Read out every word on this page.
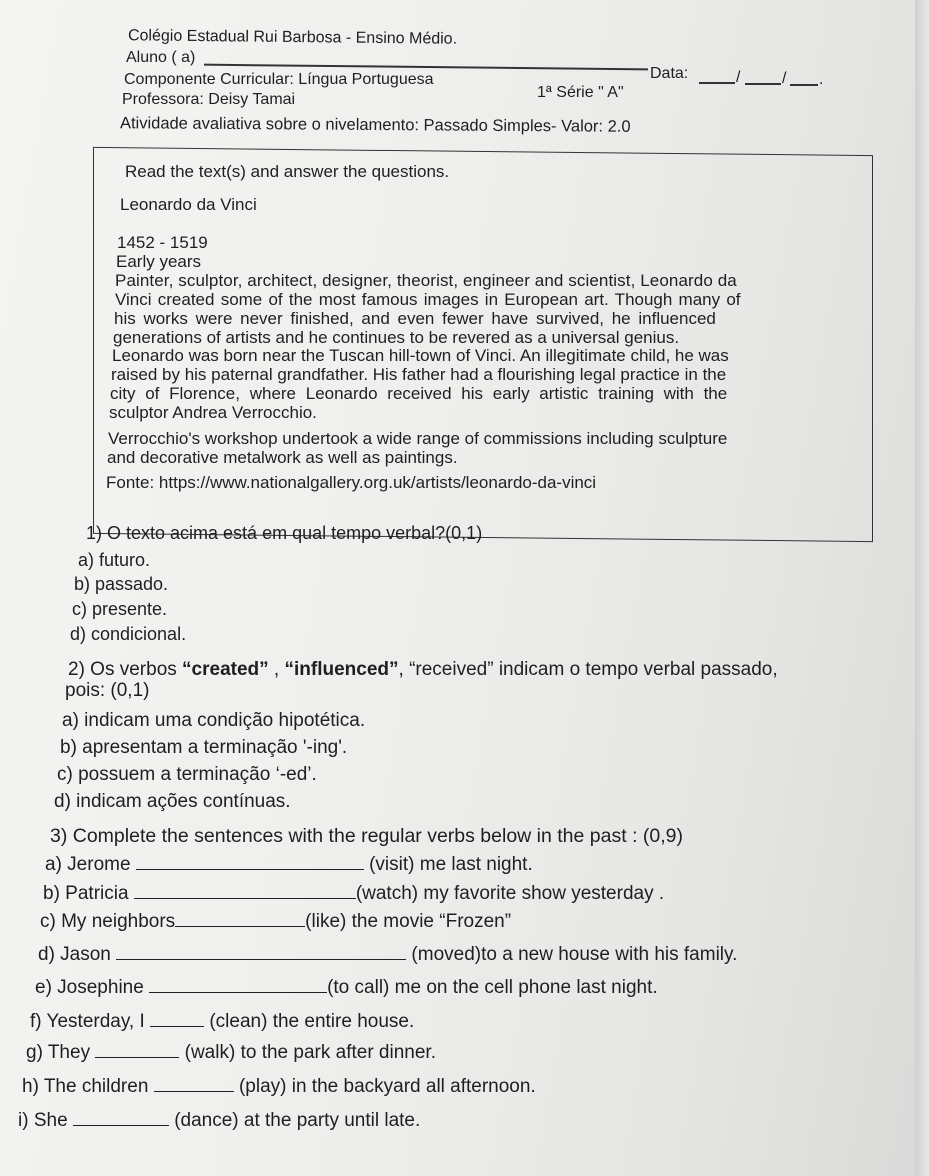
Colégio Estadual Rui Barbosa - Ensino Médio.
Aluno ( a)
Data:	/	/ .
Componente Curricular: Língua Portuguesa
1ª Série " A"
Professora: Deisy Tamai
Atividade avaliativa sobre o nivelamento: Passado Simples- Valor: 2.0
Read the text(s) and answer the questions.
Leonardo da Vinci
1452 - 1519
Early years
Painter, sculptor, architect, designer, theorist, engineer and scientist, Leonardo da
Vinci created some of the most famous images in European art. Though many of
his works were never finished, and even fewer have survived, he influenced
generations of artists and he continues to be revered as a universal genius.
Leonardo was born near the Tuscan hill-town of Vinci. An illegitimate child, he was
raised by his paternal grandfather. His father had a flourishing legal practice in the
city of Florence, where Leonardo received his early artistic training with the
sculptor Andrea Verrocchio.
Verrocchio's workshop undertook a wide range of commissions including sculpture
and decorative metalwork as well as paintings.
Fonte: https://www.nationalgallery.org.uk/artists/leonardo-da-vinci
1) O texto acima está em qual tempo verbal?(0,1)
a) futuro.
b) passado.
c) presente.
d) condicional.
2) Os verbos “created” , “influenced”, “received” indicam o tempo verbal passado,
pois: (0,1)
a) indicam uma condição hipotética.
b) apresentam a terminação '-ing'.
c) possuem a terminação ‘-ed’.
d) indicam ações contínuas.
3) Complete the sentences with the regular verbs below in the past : (0,9)
a) Jerome	(visit) me last night.
b) Patricia	(watch) my favorite show yesterday .
c) My neighbors	(like) the movie “Frozen”
d) Jason	(moved)to a new house with his family.
e) Josephine	(to call) me on the cell phone last night.
f) Yesterday, I	(clean) the entire house.
g) They	(walk) to the park after dinner.
h) The children	(play) in the backyard all afternoon.
i) She	(dance) at the party until late.
